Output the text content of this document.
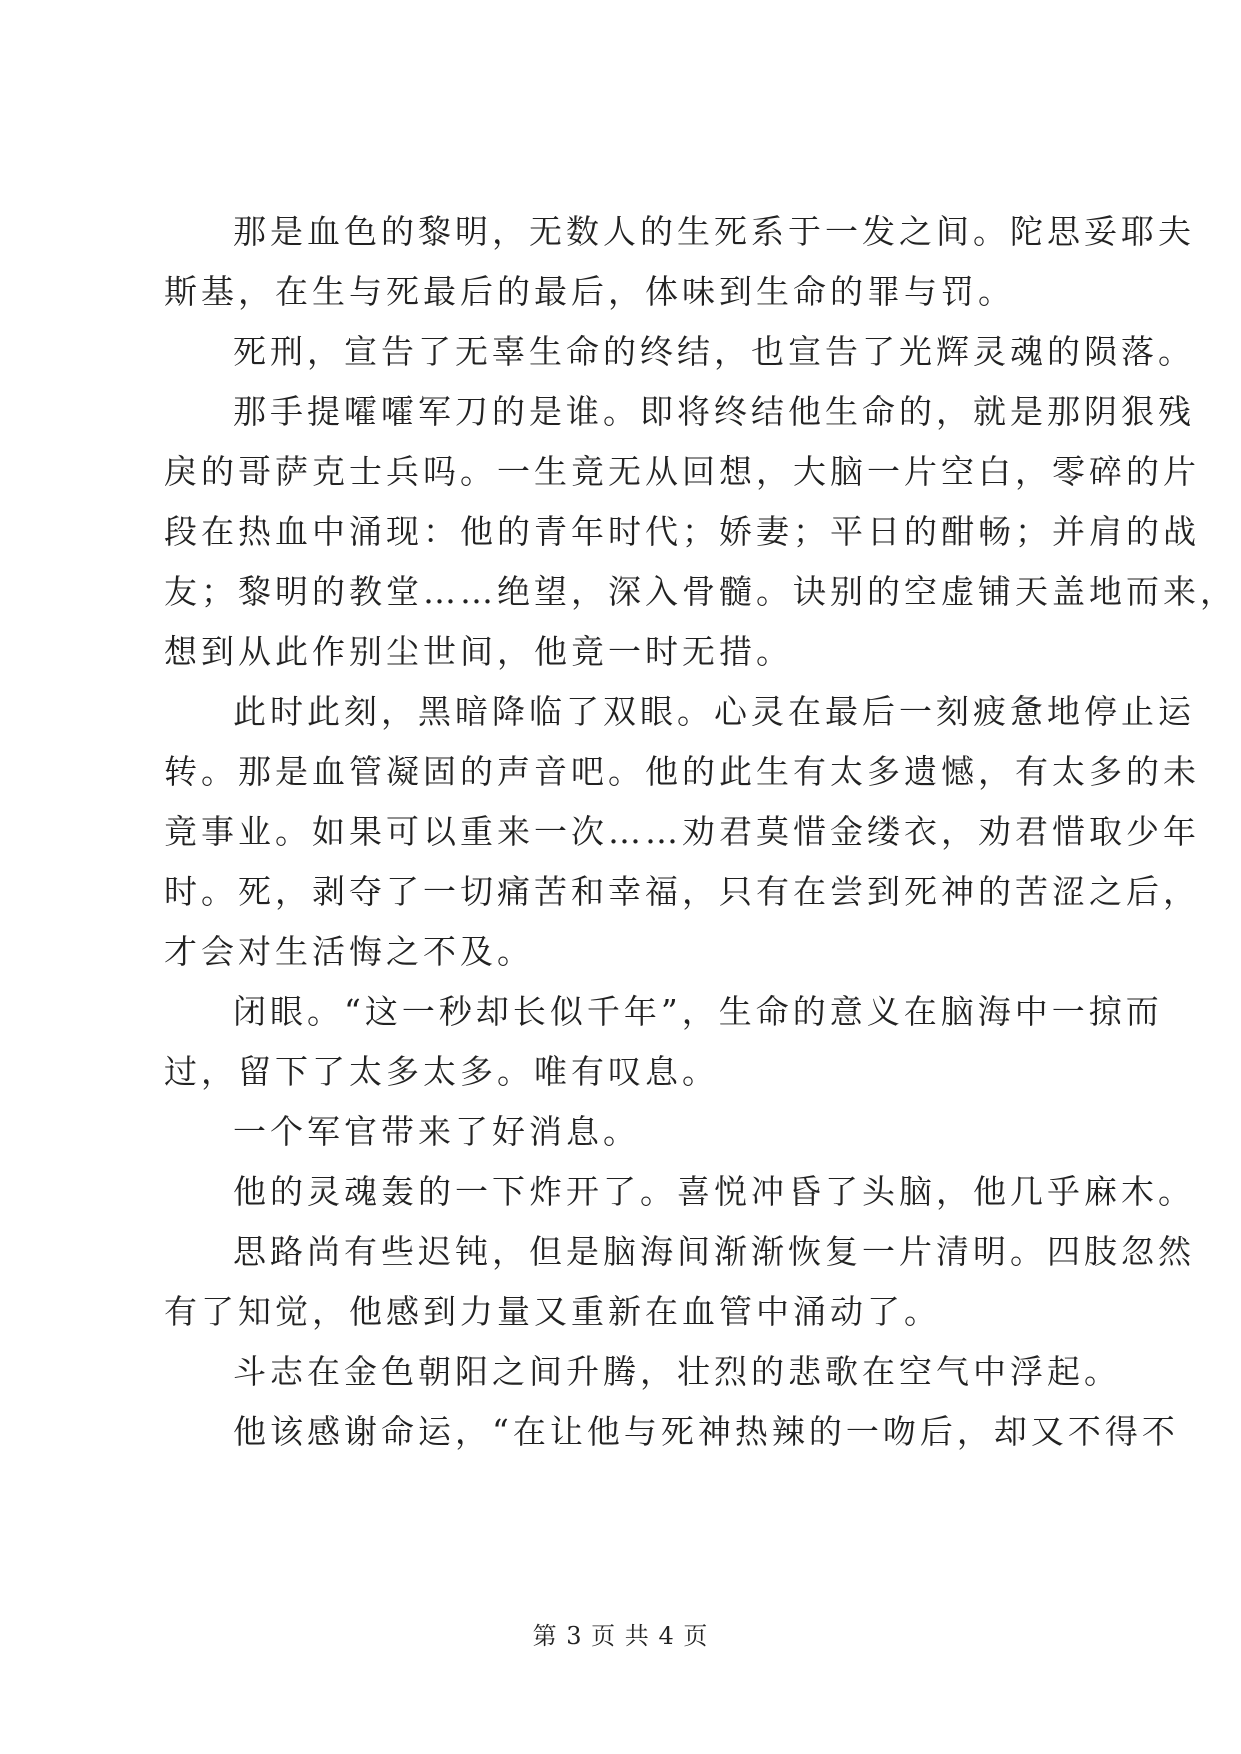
那是血色的黎明，无数人的生死系于一发之间。陀思妥耶夫
斯基，在生与死最后的最后，体味到生命的罪与罚。
死刑，宣告了无辜生命的终结，也宣告了光辉灵魂的陨落。
那手提嚯嚯军刀的是谁。即将终结他生命的，就是那阴狠残
戾的哥萨克士兵吗。一生竟无从回想，大脑一片空白，零碎的片
段在热血中涌现：他的青年时代；娇妻；平日的酣畅；并肩的战
友；黎明的教堂……绝望，深入骨髓。诀别的空虚铺天盖地而来，
想到从此作别尘世间，他竟一时无措。
此时此刻，黑暗降临了双眼。心灵在最后一刻疲惫地停止运
转。那是血管凝固的声音吧。他的此生有太多遗憾，有太多的未
竟事业。如果可以重来一次……劝君莫惜金缕衣，劝君惜取少年
时。死，剥夺了一切痛苦和幸福，只有在尝到死神的苦涩之后，
才会对生活悔之不及。
闭眼。“这一秒却长似千年”，生命的意义在脑海中一掠而
过，留下了太多太多。唯有叹息。
一个军官带来了好消息。
他的灵魂轰的一下炸开了。喜悦冲昏了头脑，他几乎麻木。
思路尚有些迟钝，但是脑海间渐渐恢复一片清明。四肢忽然
有了知觉，他感到力量又重新在血管中涌动了。
斗志在金色朝阳之间升腾，壮烈的悲歌在空气中浮起。
他该感谢命运，“在让他与死神热辣的一吻后，却又不得不
第 3 页 共 4 页
